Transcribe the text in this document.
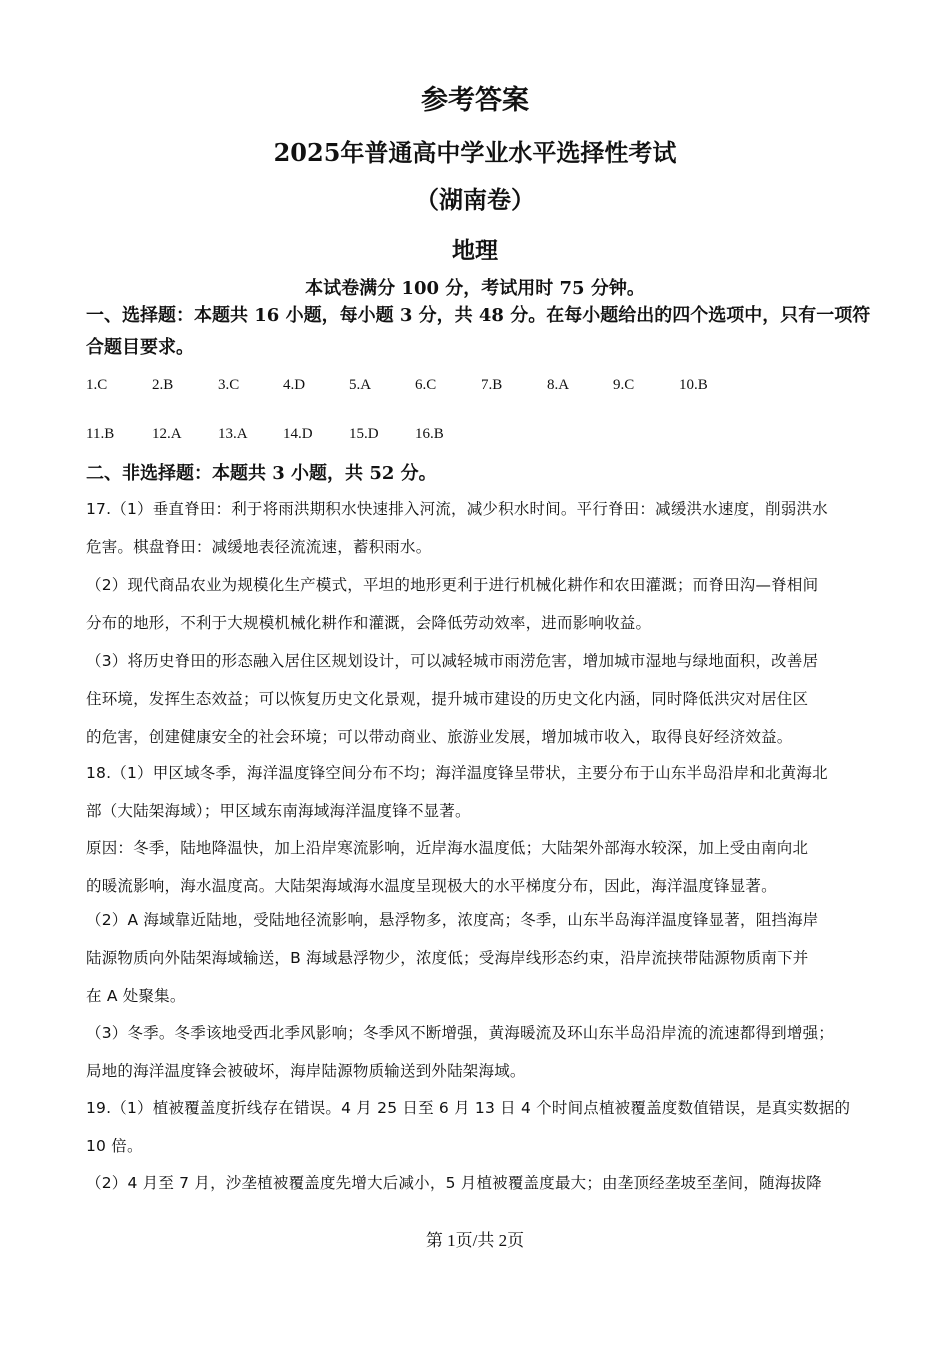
参考答案
2025年普通高中学业水平选择性考试
（湖南卷）
地理
本试卷满分 100 分，考试用时 75 分钟。
一、选择题：本题共 16 小题，每小题 3 分，共 48 分。在每小题给出的四个选项中，只有一项符合题目要求。
1.C	2.B	3.C	4.D	5.A	6.C	7.B	8.A	9.C	10.B
11.B	12.A 13.A 14.D 15.D 16.B
二、非选择题：本题共 3 小题，共 52 分。
17.（1）垂直脊田：利于将雨洪期积水快速排入河流，减少积水时间。平行脊田：减缓洪水速度，削弱洪水
危害。棋盘脊田：减缓地表径流流速，蓄积雨水。
（2）现代商品农业为规模化生产模式，平坦的地形更利于进行机械化耕作和农田灌溉；而脊田沟—脊相间
分布的地形，不利于大规模机械化耕作和灌溉，会降低劳动效率，进而影响收益。
（3）将历史脊田的形态融入居住区规划设计，可以减轻城市雨涝危害，增加城市湿地与绿地面积，改善居
住环境，发挥生态效益；可以恢复历史文化景观，提升城市建设的历史文化内涵，同时降低洪灾对居住区
的危害，创建健康安全的社会环境；可以带动商业、旅游业发展，增加城市收入，取得良好经济效益。
18.（1）甲区域冬季，海洋温度锋空间分布不均；海洋温度锋呈带状，主要分布于山东半岛沿岸和北黄海北
部（大陆架海域）；甲区域东南海域海洋温度锋不显著。
原因：冬季，陆地降温快，加上沿岸寒流影响，近岸海水温度低；大陆架外部海水较深，加上受由南向北
的暖流影响，海水温度高。大陆架海域海水温度呈现极大的水平梯度分布，因此，海洋温度锋显著。
（2）A 海域靠近陆地，受陆地径流影响，悬浮物多，浓度高；冬季，山东半岛海洋温度锋显著，阻挡海岸
陆源物质向外陆架海域输送，B 海域悬浮物少，浓度低；受海岸线形态约束，沿岸流挟带陆源物质南下并
在 A 处聚集。
（3）冬季。冬季该地受西北季风影响；冬季风不断增强，黄海暖流及环山东半岛沿岸流的流速都得到增强；
局地的海洋温度锋会被破坏，海岸陆源物质输送到外陆架海域。
19.（1）植被覆盖度折线存在错误。4 月 25 日至 6 月 13 日 4 个时间点植被覆盖度数值错误，是真实数据的
10 倍。
（2）4 月至 7 月，沙垄植被覆盖度先增大后减小，5 月植被覆盖度最大；由垄顶经垄坡至垄间，随海拔降
第 1页/共 2页
